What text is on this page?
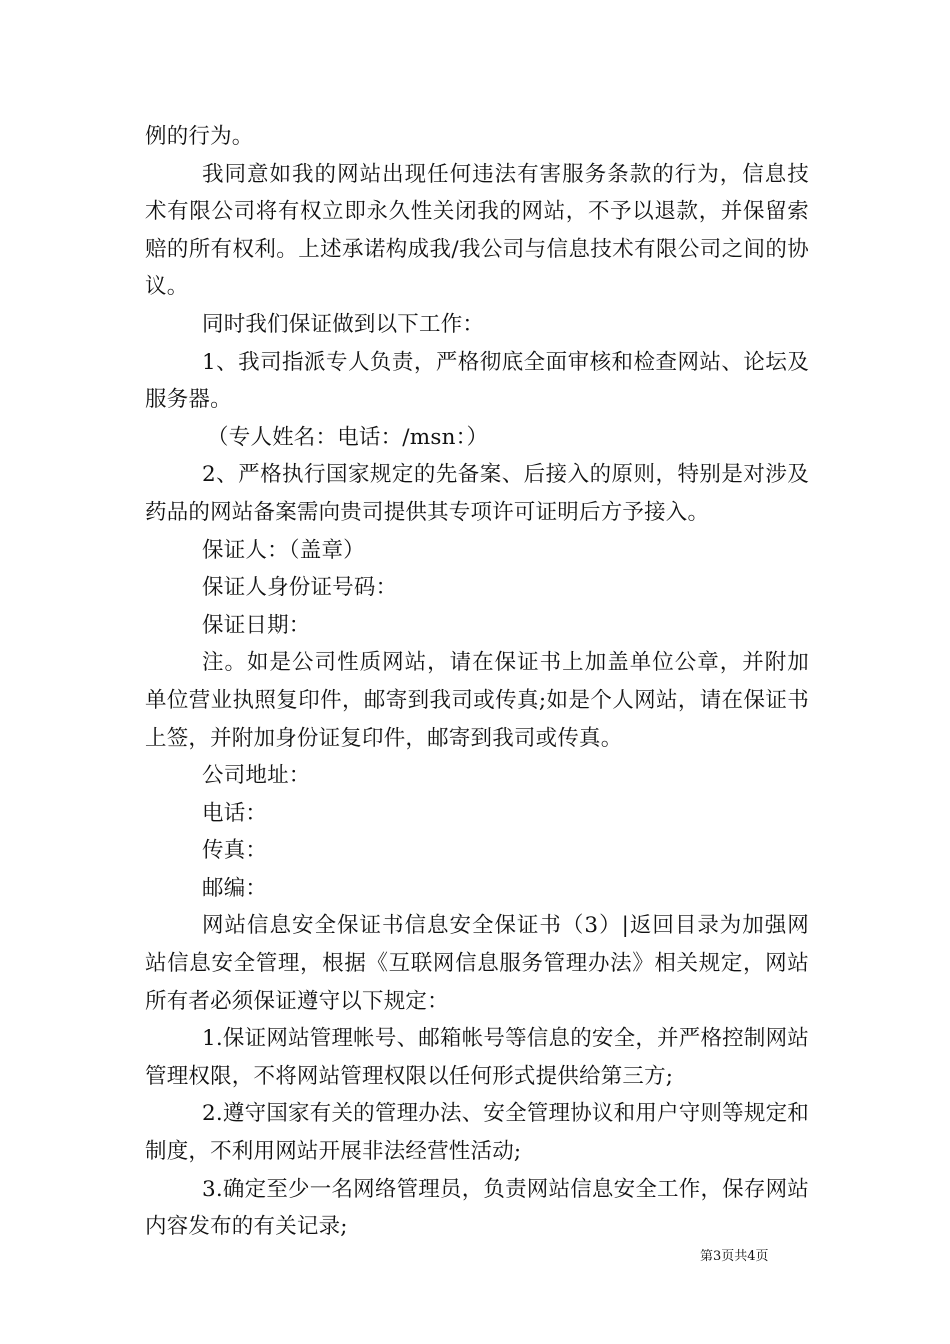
例的行为。

我同意如我的网站出现任何违法有害服务条款的行为，信息技术有限公司将有权立即永久性关闭我的网站，不予以退款，并保留索赔的所有权利。上述承诺构成我/我公司与信息技术有限公司之间的协议。

同时我们保证做到以下工作：

1、我司指派专人负责，严格彻底全面审核和检查网站、论坛及服务器。

（专人姓名：电话：/msn：）

2、严格执行国家规定的先备案、后接入的原则，特别是对涉及药品的网站备案需向贵司提供其专项许可证明后方予接入。

保证人：（盖章）

保证人身份证号码：

保证日期：

注。如是公司性质网站，请在保证书上加盖单位公章，并附加单位营业执照复印件，邮寄到我司或传真;如是个人网站，请在保证书上签，并附加身份证复印件，邮寄到我司或传真。

公司地址：

电话：

传真：

邮编：

网站信息安全保证书信息安全保证书（3）|返回目录为加强网站信息安全管理，根据《互联网信息服务管理办法》相关规定，网站所有者必须保证遵守以下规定：

1.保证网站管理帐号、邮箱帐号等信息的安全，并严格控制网站管理权限，不将网站管理权限以任何形式提供给第三方;

2.遵守国家有关的管理办法、安全管理协议和用户守则等规定和制度，不利用网站开展非法经营性活动;

3.确定至少一名网络管理员，负责网站信息安全工作，保存网站内容发布的有关记录;

第3页共4页
